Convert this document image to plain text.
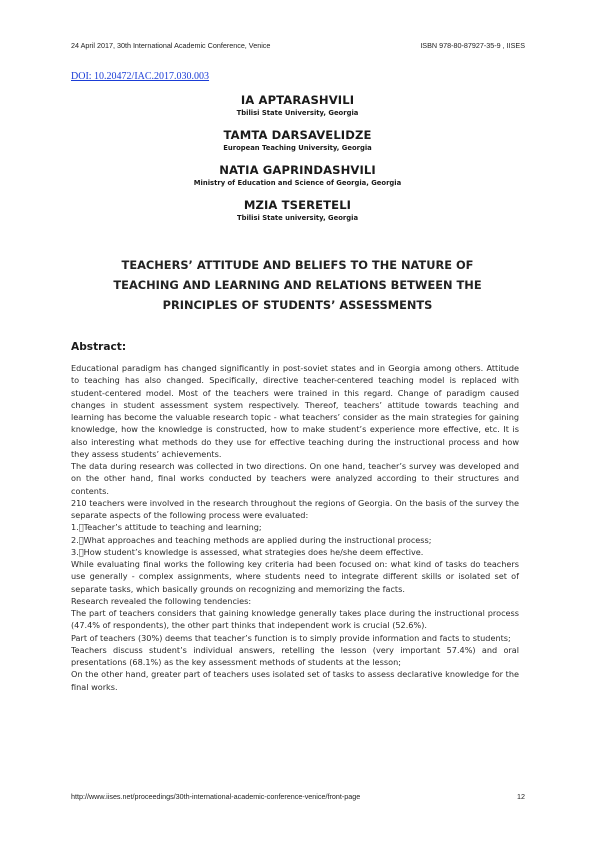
24 April 2017, 30th International Academic Conference, Venice	ISBN 978-80-87927-35-9 , IISES
DOI: 10.20472/IAC.2017.030.003
IA APTARASHVILI
Tbilisi State University, Georgia
TAMTA DARSAVELIDZE
European Teaching University, Georgia
NATIA GAPRINDASHVILI
Ministry of Education and Science of Georgia, Georgia
MZIA TSERETELI
Tbilisi State university, Georgia
TEACHERS’ ATTITUDE AND BELIEFS TO THE NATURE OF
TEACHING AND LEARNING AND RELATIONS BETWEEN THE
PRINCIPLES OF STUDENTS’ ASSESSMENTS
Abstract:

Educational paradigm has changed significantly in post-soviet states and in Georgia among others. Attitude to teaching has also changed. Specifically, directive teacher-centered teaching model is replaced with student-centered model. Most of the teachers were trained in this regard. Change of paradigm caused changes in student assessment system respectively. Thereof, teachers’ attitude towards teaching and learning has become the valuable research topic - what teachers’ consider as the main strategies for gaining knowledge, how the knowledge is constructed, how to make student’s experience more effective, etc. It is also interesting what methods do they use for effective teaching during the instructional process and how they assess students’ achievements.

The data during research was collected in two directions. On one hand, teacher’s survey was developed and on the other hand, final works conducted by teachers were analyzed according to their structures and contents.

210 teachers were involved in the research throughout the regions of Georgia. On the basis of the survey the separate aspects of the following process were evaluated:

1. Teacher’s attitude to teaching and learning;

2. What approaches and teaching methods are applied during the instructional process;

3. How student’s knowledge is assessed, what strategies does he/she deem effective.

While evaluating final works the following key criteria had been focused on: what kind of tasks do teachers use generally - complex assignments, where students need to integrate different skills or isolated set of separate tasks, which basically grounds on recognizing and memorizing the facts.

Research revealed the following tendencies:

The part of teachers considers that gaining knowledge generally takes place during the instructional process (47.4% of respondents), the other part thinks that independent work is crucial (52.6%).

Part of teachers (30%) deems that teacher’s function is to simply provide information and facts to students;

Teachers discuss student’s individual answers, retelling the lesson (very important 57.4%) and oral presentations (68.1%) as the key assessment methods of students at the lesson;

On the other hand, greater part of teachers uses isolated set of tasks to assess declarative knowledge for the final works.

http://www.iises.net/proceedings/30th-international-academic-conference-venice/front-page	12
